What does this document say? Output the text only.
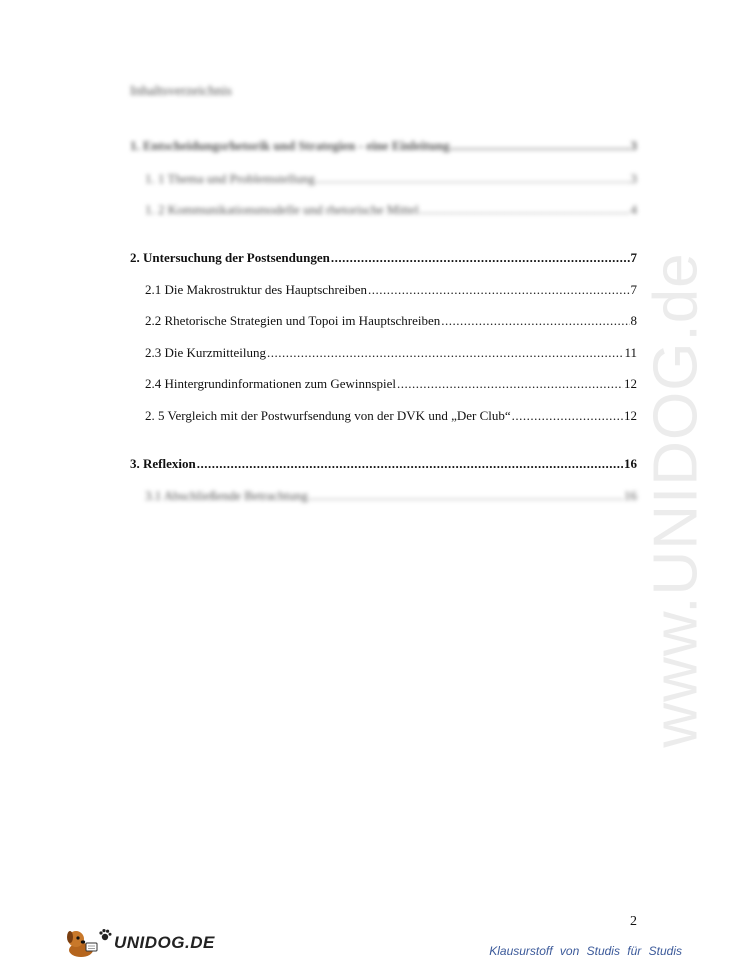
www.UNIDOG.de
Inhaltsverzeichnis
1. Entscheidungsrhetorik und Strategien - eine Einleitung .....	3
1. 1 Thema und Problemstellung .....	3
1. 2 Kommunikationsmodelle und rhetorische Mittel .....	4
2. Untersuchung der Postsendungen .....	7
2.1 Die Makrostruktur des Hauptschreiben .....	7
2.2 Rhetorische Strategien und Topoi im Hauptschreiben .....	8
2.3 Die Kurzmitteilung .....	11
2.4 Hintergrundinformationen zum Gewinnspiel .....	12
2. 5 Vergleich mit der Postwurfsendung von der DVK und „Der Club“ .....	12
3. Reflexion .....	16
3.1 Abschließende Betrachtung .....	16
2
UNIDOG.DE	Klausurstoff von Studis für Studis
